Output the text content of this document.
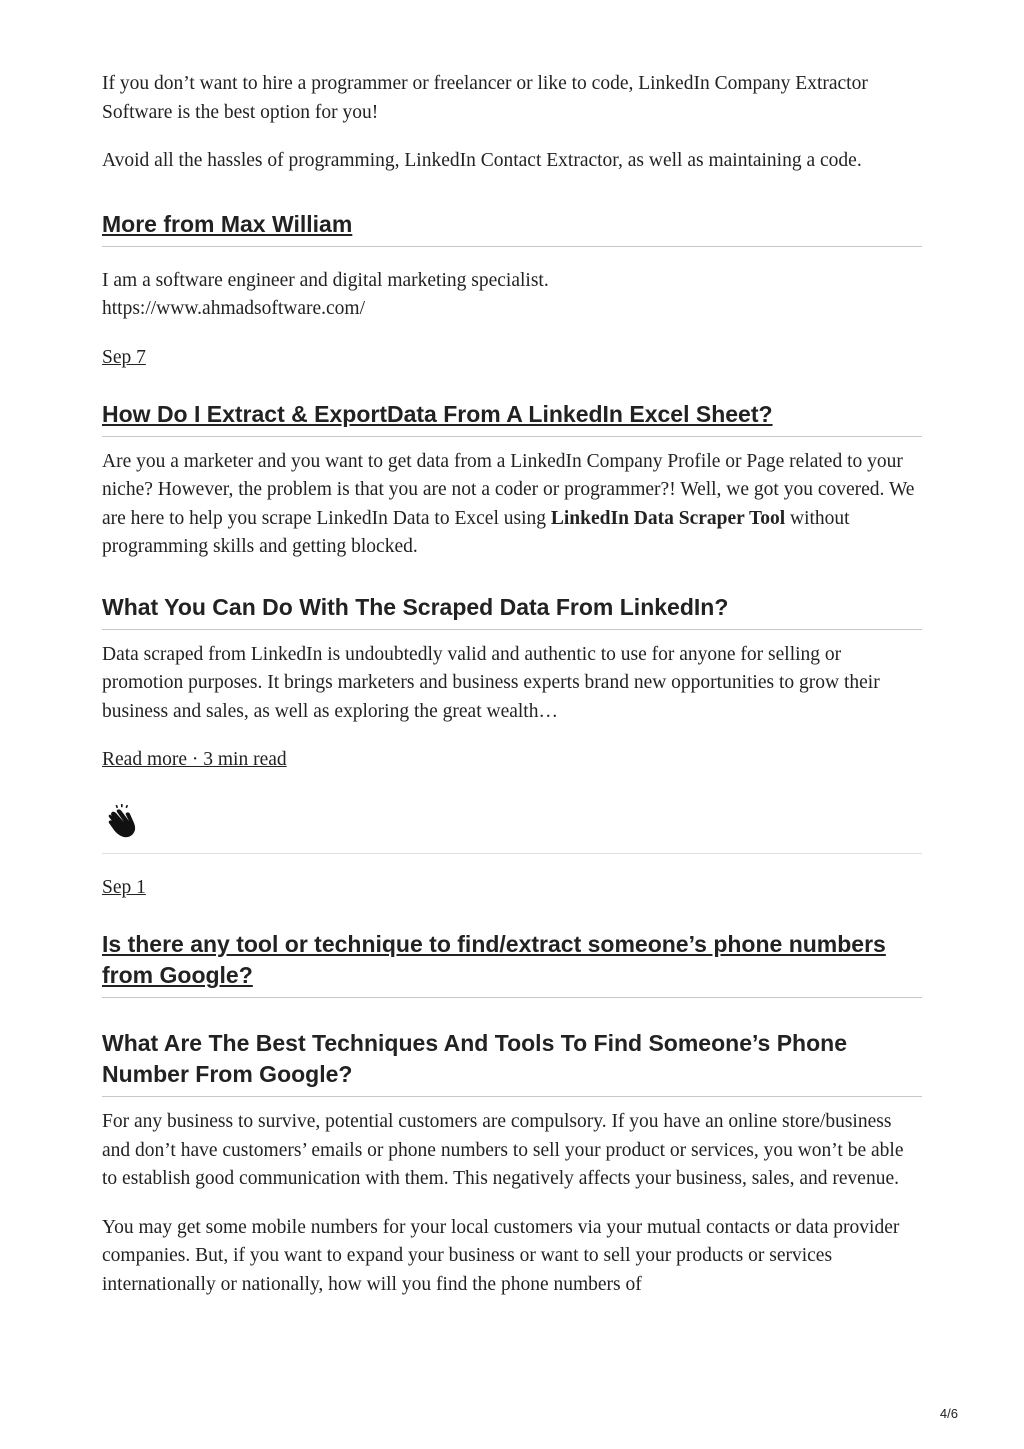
If you don’t want to hire a programmer or freelancer or like to code, LinkedIn Company Extractor Software is the best option for you!

Avoid all the hassles of programming, LinkedIn Contact Extractor, as well as maintaining a code.

More from Max William

I am a software engineer and digital marketing specialist.
https://www.ahmadsoftware.com/

Sep 7
How Do I Extract & ExportData From A LinkedIn Excel Sheet?

Are you a marketer and you want to get data from a LinkedIn Company Profile or Page related to your niche? However, the problem is that you are not a coder or programmer?! Well, we got you covered. We are here to help you scrape LinkedIn Data to Excel using LinkedIn Data Scraper Tool without programming skills and getting blocked.

What You Can Do With The Scraped Data From LinkedIn?

Data scraped from LinkedIn is undoubtedly valid and authentic to use for anyone for selling or promotion purposes. It brings marketers and business experts brand new opportunities to grow their business and sales, as well as exploring the great wealth…

Read more · 3 min read
Sep 1
Is there any tool or technique to find/extract someone’s phone numbers from Google?
What Are The Best Techniques And Tools To Find Someone’s Phone Number From Google?

For any business to survive, potential customers are compulsory. If you have an online store/business and don’t have customers’ emails or phone numbers to sell your product or services, you won’t be able to establish good communication with them. This negatively affects your business, sales, and revenue.

You may get some mobile numbers for your local customers via your mutual contacts or data provider companies. But, if you want to expand your business or want to sell your products or services internationally or nationally, how will you find the phone numbers of

4/6
